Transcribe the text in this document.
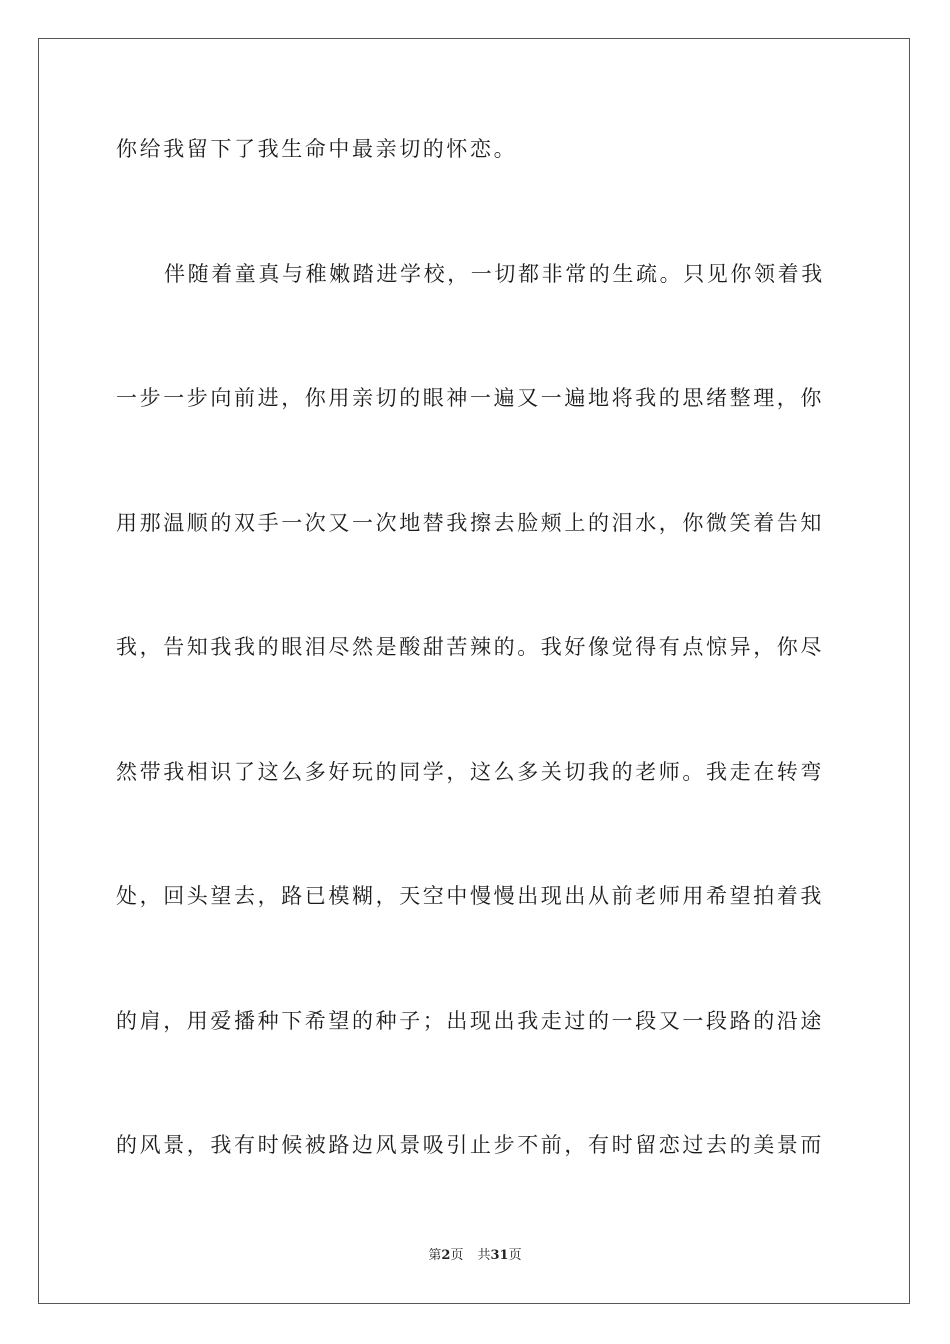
你给我留下了我生命中最亲切的怀恋。
伴随着童真与稚嫩踏进学校，一切都非常的生疏。只见你领着我
一步一步向前进，你用亲切的眼神一遍又一遍地将我的思绪整理，你
用那温顺的双手一次又一次地替我擦去脸颊上的泪水，你微笑着告知
我，告知我我的眼泪尽然是酸甜苦辣的。我好像觉得有点惊异，你尽
然带我相识了这么多好玩的同学，这么多关切我的老师。我走在转弯
处，回头望去，路已模糊，天空中慢慢出现出从前老师用希望拍着我
的肩，用爱播种下希望的种子；出现出我走过的一段又一段路的沿途
的风景，我有时候被路边风景吸引止步不前，有时留恋过去的美景而
第2页 共31页
